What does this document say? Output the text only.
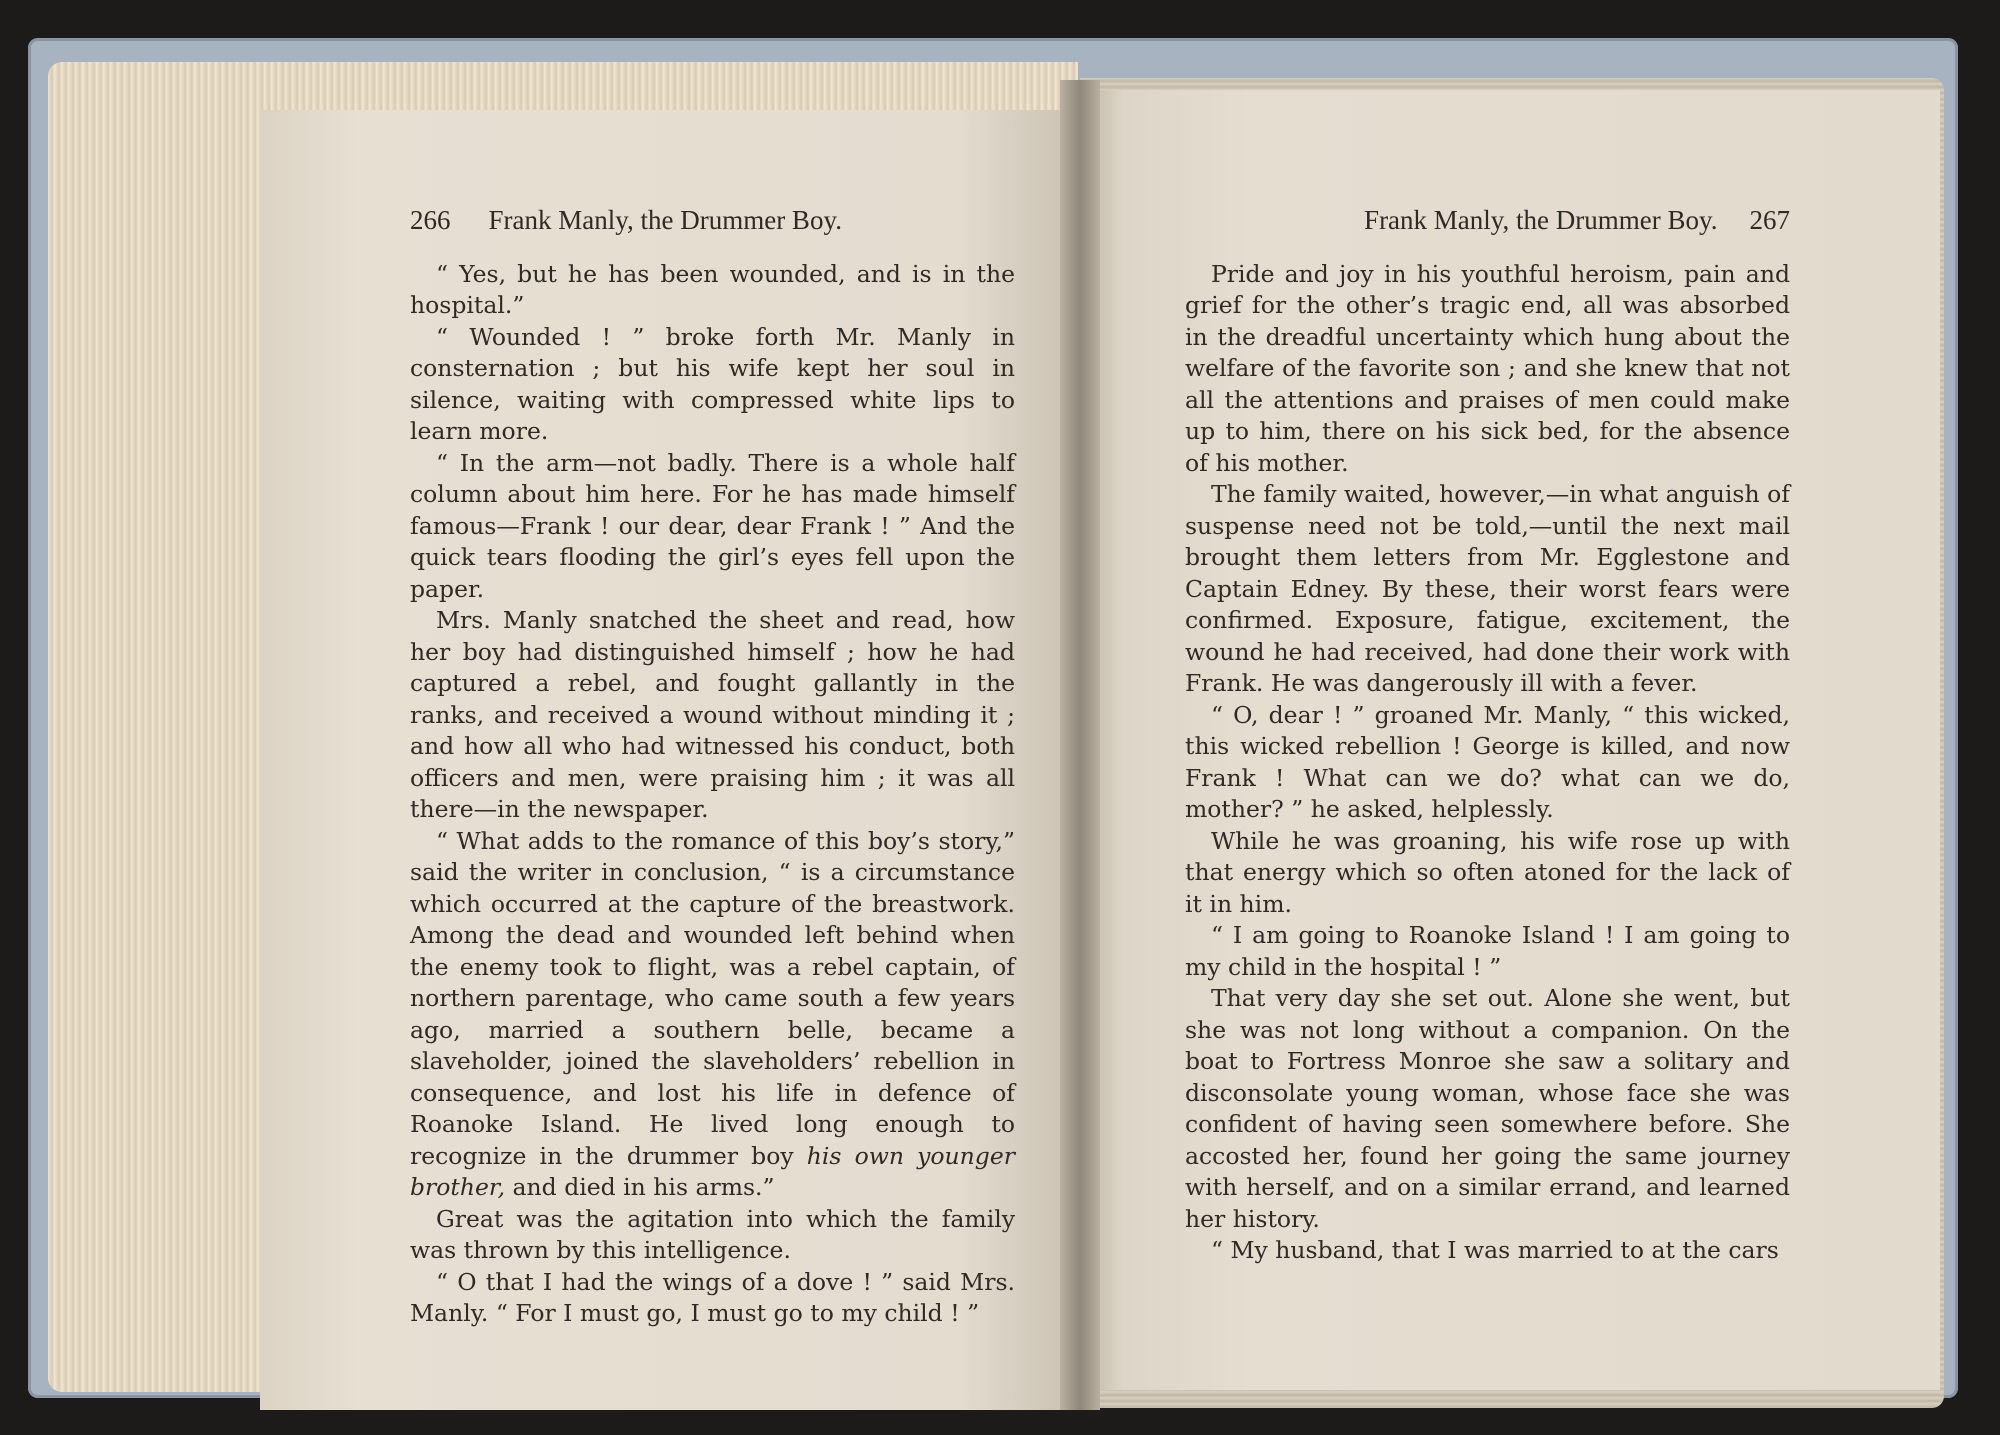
266 Frank Manly, the Drummer Boy.

“ Yes, but he has been wounded, and is in the hospital.”

“ Wounded ! ” broke forth Mr. Manly in consternation ; but his wife kept her soul in silence, waiting with compressed white lips to learn more.

“ In the arm—not badly. There is a whole half column about him here. For he has made himself famous—Frank ! our dear, dear Frank ! ” And the quick tears flooding the girl’s eyes fell upon the paper.

Mrs. Manly snatched the sheet and read, how her boy had distinguished himself ; how he had captured a rebel, and fought gallantly in the ranks, and received a wound without minding it ; and how all who had witnessed his conduct, both officers and men, were praising him ; it was all there—in the newspaper.

“ What adds to the romance of this boy’s story,” said the writer in conclusion, “ is a circumstance which occurred at the capture of the breastwork. Among the dead and wounded left behind when the enemy took to flight, was a rebel captain, of northern parentage, who came south a few years ago, married a southern belle, became a slaveholder, joined the slaveholders’ rebellion in consequence, and lost his life in defence of Roanoke Island. He lived long enough to recognize in the drummer boy his own younger brother, and died in his arms.”

Great was the agitation into which the family was thrown by this intelligence.

“ O that I had the wings of a dove ! ” said Mrs. Manly. “ For I must go, I must go to my child ! ”

Frank Manly, the Drummer Boy. 267

Pride and joy in his youthful heroism, pain and grief for the other’s tragic end, all was absorbed in the dreadful uncertainty which hung about the welfare of the favorite son ; and she knew that not all the attentions and praises of men could make up to him, there on his sick bed, for the absence of his mother.

The family waited, however,—in what anguish of suspense need not be told,—until the next mail brought them letters from Mr. Egglestone and Captain Edney. By these, their worst fears were confirmed. Exposure, fatigue, excitement, the wound he had received, had done their work with Frank. He was dangerously ill with a fever.

“ O, dear ! ” groaned Mr. Manly, “ this wicked, this wicked rebellion ! George is killed, and now Frank ! What can we do? what can we do, mother? ” he asked, helplessly.

While he was groaning, his wife rose up with that energy which so often atoned for the lack of it in him.

“ I am going to Roanoke Island ! I am going to my child in the hospital ! ”

That very day she set out. Alone she went, but she was not long without a companion. On the boat to Fortress Monroe she saw a solitary and disconsolate young woman, whose face she was confident of having seen somewhere before. She accosted her, found her going the same journey with herself, and on a similar errand, and learned her history.

“ My husband, that I was married to at the cars
